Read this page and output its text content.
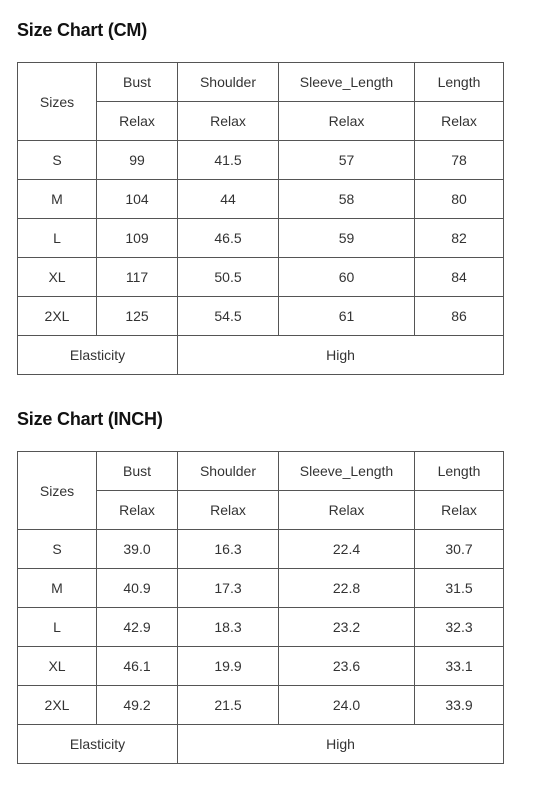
Size Chart (CM)
Sizes	Bust	Shoulder	Sleeve_Length	Length
	Relax	Relax	Relax	Relax
S	99	41.5	57	78
M	104	44	58	80
L	109	46.5	59	82
XL	117	50.5	60	84
2XL	125	54.5	61	86
Elasticity		High		
Size Chart (INCH)
Sizes	Bust	Shoulder	Sleeve_Length	Length
	Relax	Relax	Relax	Relax
S	39.0	16.3	22.4	30.7
M	40.9	17.3	22.8	31.5
L	42.9	18.3	23.2	32.3
XL	46.1	19.9	23.6	33.1
2XL	49.2	21.5	24.0	33.9
Elasticity		High		
